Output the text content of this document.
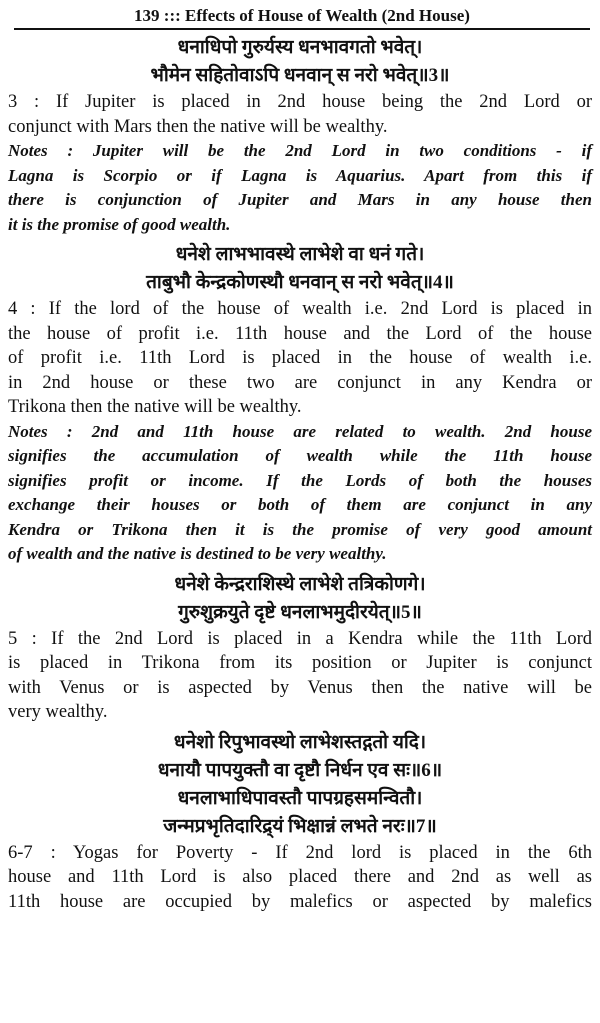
139 ::: Effects of House of Wealth (2nd House)
धनाधिपो गुरुर्यस्य धनभावगतो भवेत्।
भौमेन सहितोवाऽपि धनवान् स नरो भवेत्॥3॥
3 : If Jupiter is placed in 2nd house being the 2nd Lord or
conjunct with Mars then the native will be wealthy.
Notes : Jupiter will be the 2nd Lord in two conditions - if
Lagna is Scorpio or if Lagna is Aquarius. Apart from this if
there is conjunction of Jupiter and Mars in any house then
it is the promise of good wealth.
धनेशे लाभभावस्थे लाभेशे वा धनं गते।
ताबुभौ केन्द्रकोणस्थौ धनवान् स नरो भवेत्॥4॥
4 : If the lord of the house of wealth i.e. 2nd Lord is placed in
the house of profit i.e. 11th house and the Lord of the house
of profit i.e. 11th Lord is placed in the house of wealth i.e.
in 2nd house or these two are conjunct in any Kendra or
Trikona then the native will be wealthy.
Notes : 2nd and 11th house are related to wealth. 2nd house
signifies the accumulation of wealth while the 11th house
signifies profit or income. If the Lords of both the houses
exchange their houses or both of them are conjunct in any
Kendra or Trikona then it is the promise of very good amount
of wealth and the native is destined to be very wealthy.
धनेशे केन्द्रराशिस्थे लाभेशे तत्रिकोणगे।
गुरुशुक्रयुते दृष्टे धनलाभमुदीरयेत्॥5॥
5 : If the 2nd Lord is placed in a Kendra while the 11th Lord
is placed in Trikona from its position or Jupiter is conjunct
with Venus or is aspected by Venus then the native will be
very wealthy.
धनेशो रिपुभावस्थो लाभेशस्तद्गतो यदि।
धनायौ पापयुक्तौ वा दृष्टौ निर्धन एव सः॥6॥
धनलाभाधिपावस्तौ पापग्रहसमन्वितौ।
जन्मप्रभृतिदारिद्र्यं भिक्षान्नं लभते नरः॥7॥
6-7 : Yogas for Poverty - If 2nd lord is placed in the 6th
house and 11th Lord is also placed there and 2nd as well as
11th house are occupied by malefics or aspected by malefics
